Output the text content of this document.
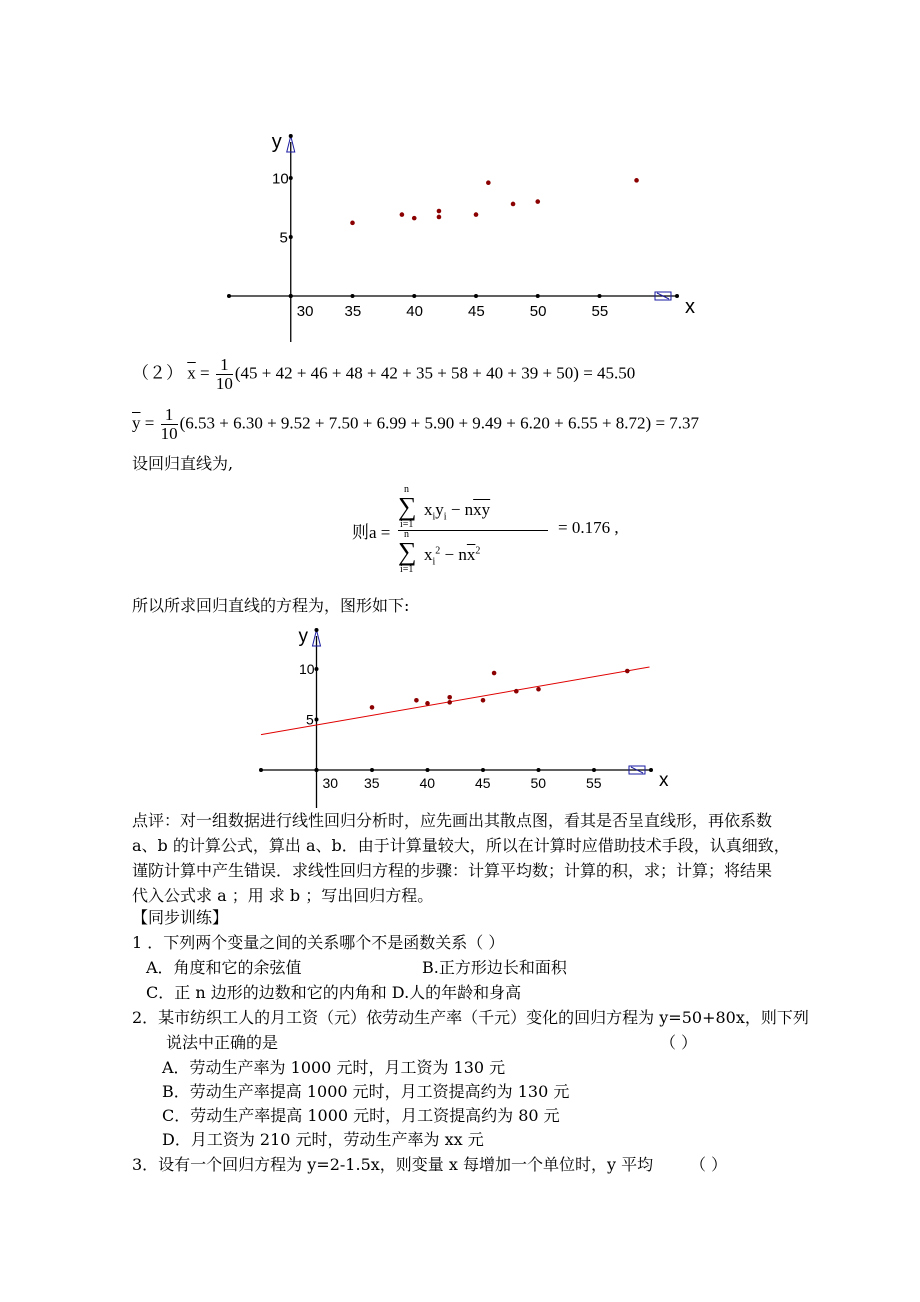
30 35	40	45	50	55
5
10
x
y
（２） $\overline{x} = \frac{1}{10} (45 + 42 + 46 + 48 + 42 + 35 + 58 + 40 + 39 + 50) = 45.50$
$\overline{y} = \frac{1}{10} (6.53 + 6.30 + 9.52 + 7.50 + 6.99 + 5.90 + 9.49 + 6.20 + 6.55 + 8.72) = 7.37$
设回归直线为,
则a =
n
∑
i=1
$x_iy_i - n\overline{xy}$
n
∑
i=1
$x_i^2 - n\overline{x}^2$
= 0.176 ,
所以所求回归直线的方程为，图形如下:
30 35	40	45	50	55
5
10
x
y
点评：对一组数据进行线性回归分析时，应先画出其散点图，看其是否呈直线形，再依系数
a、b 的计算公式，算出 a、b．由于计算量较大，所以在计算时应借助技术手段，认真细致，
谨防计算中产生错误．求线性回归方程的步骤：计算平均数；计算的积，求；计算；将结果
代入公式求 a ；用 求 b ；写出回归方程。
【同步训练】
1 ．下列两个变量之间的关系哪个不是函数关系（ ）
A．角度和它的余弦值	B.正方形边长和面积
C．正 n 边形的边数和它的内角和 D.人的年龄和身高
2．某市纺织工人的月工资（元）依劳动生产率（千元）变化的回归方程为 y=50+80x，则下列
说法中正确的是	（ ）
A．劳动生产率为 1000 元时，月工资为 130 元
B．劳动生产率提高 1000 元时，月工资提高约为 130 元
C．劳动生产率提高 1000 元时，月工资提高约为 80 元
D．月工资为 210 元时，劳动生产率为 xx 元
3．设有一个回归方程为 y=2-1.5x，则变量 x 每增加一个单位时，y 平均 （ ）
